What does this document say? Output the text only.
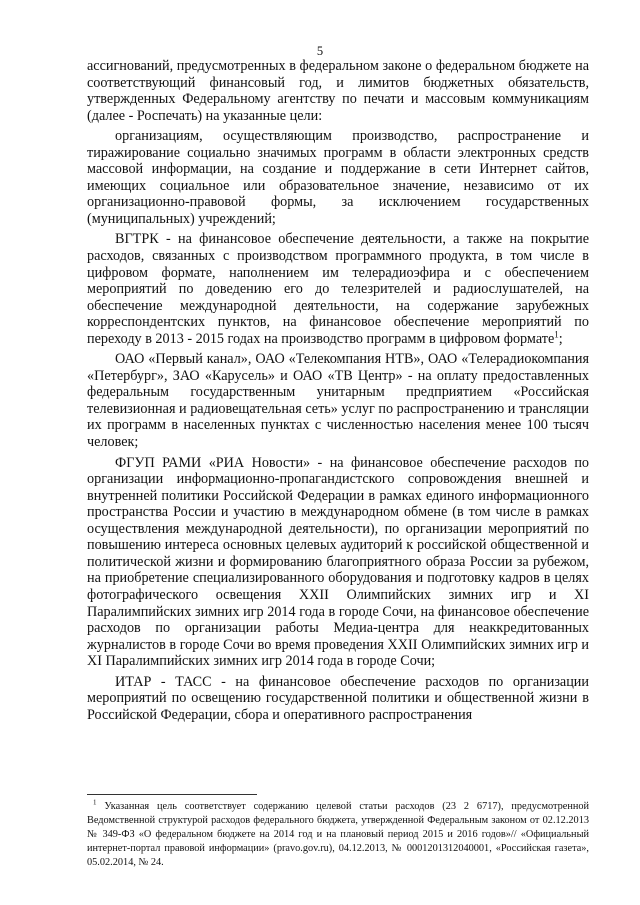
5

ассигнований, предусмотренных в федеральном законе о федеральном бюджете на соответствующий финансовый год, и лимитов бюджетных обязательств, утвержденных Федеральному агентству по печати и массовым коммуникациям (далее - Роспечать) на указанные цели:

организациям, осуществляющим производство, распространение и тиражирование социально значимых программ в области электронных средств массовой информации, на создание и поддержание в сети Интернет сайтов, имеющих социальное или образовательное значение, независимо от их организационно-правовой формы, за исключением государственных (муниципальных) учреждений;

ВГТРК - на финансовое обеспечение деятельности, а также на покрытие расходов, связанных с производством программного продукта, в том числе в цифровом формате, наполнением им телерадиоэфира и с обеспечением мероприятий по доведению его до телезрителей и радиослушателей, на обеспечение международной деятельности, на содержание зарубежных корреспондентских пунктов, на финансовое обеспечение мероприятий по переходу в 2013 - 2015 годах на производство программ в цифровом формате$^1$;

ОАО «Первый канал», ОАО «Телекомпания НТВ», ОАО «Телерадиокомпания «Петербург», ЗАО «Карусель» и ОАО «ТВ Центр» - на оплату предоставленных федеральным государственным унитарным предприятием «Российская телевизионная и радиовещательная сеть» услуг по распространению и трансляции их программ в населенных пунктах с численностью населения менее 100 тысяч человек;

ФГУП РАМИ «РИА Новости» - на финансовое обеспечение расходов по организации информационно-пропагандистского сопровождения внешней и внутренней политики Российской Федерации в рамках единого информационного пространства России и участию в международном обмене (в том числе в рамках осуществления международной деятельности), по организации мероприятий по повышению интереса основных целевых аудиторий к российской общественной и политической жизни и формированию благоприятного образа России за рубежом, на приобретение специализированного оборудования и подготовку кадров в целях фотографического освещения XXII Олимпийских зимних игр и XI Паралимпийских зимних игр 2014 года в городе Сочи, на финансовое обеспечение расходов по организации работы Медиа-центра для неаккредитованных журналистов в городе Сочи во время проведения XXII Олимпийских зимних игр и XI Паралимпийских зимних игр 2014 года в городе Сочи;

ИТАР - ТАСС - на финансовое обеспечение расходов по организации мероприятий по освещению государственной политики и общественной жизни в Российской Федерации, сбора и оперативного распространения

$^1$ Указанная цель соответствует содержанию целевой статьи расходов (23 2 6717), предусмотренной Ведомственной структурой расходов федерального бюджета, утвержденной Федеральным законом от 02.12.2013 № 349-ФЗ «О федеральном бюджете на 2014 год и на плановый период 2015 и 2016 годов»// «Официальный интернет-портал правовой информации» (pravo.gov.ru), 04.12.2013, № 0001201312040001, «Российская газета», 05.02.2014, № 24.
